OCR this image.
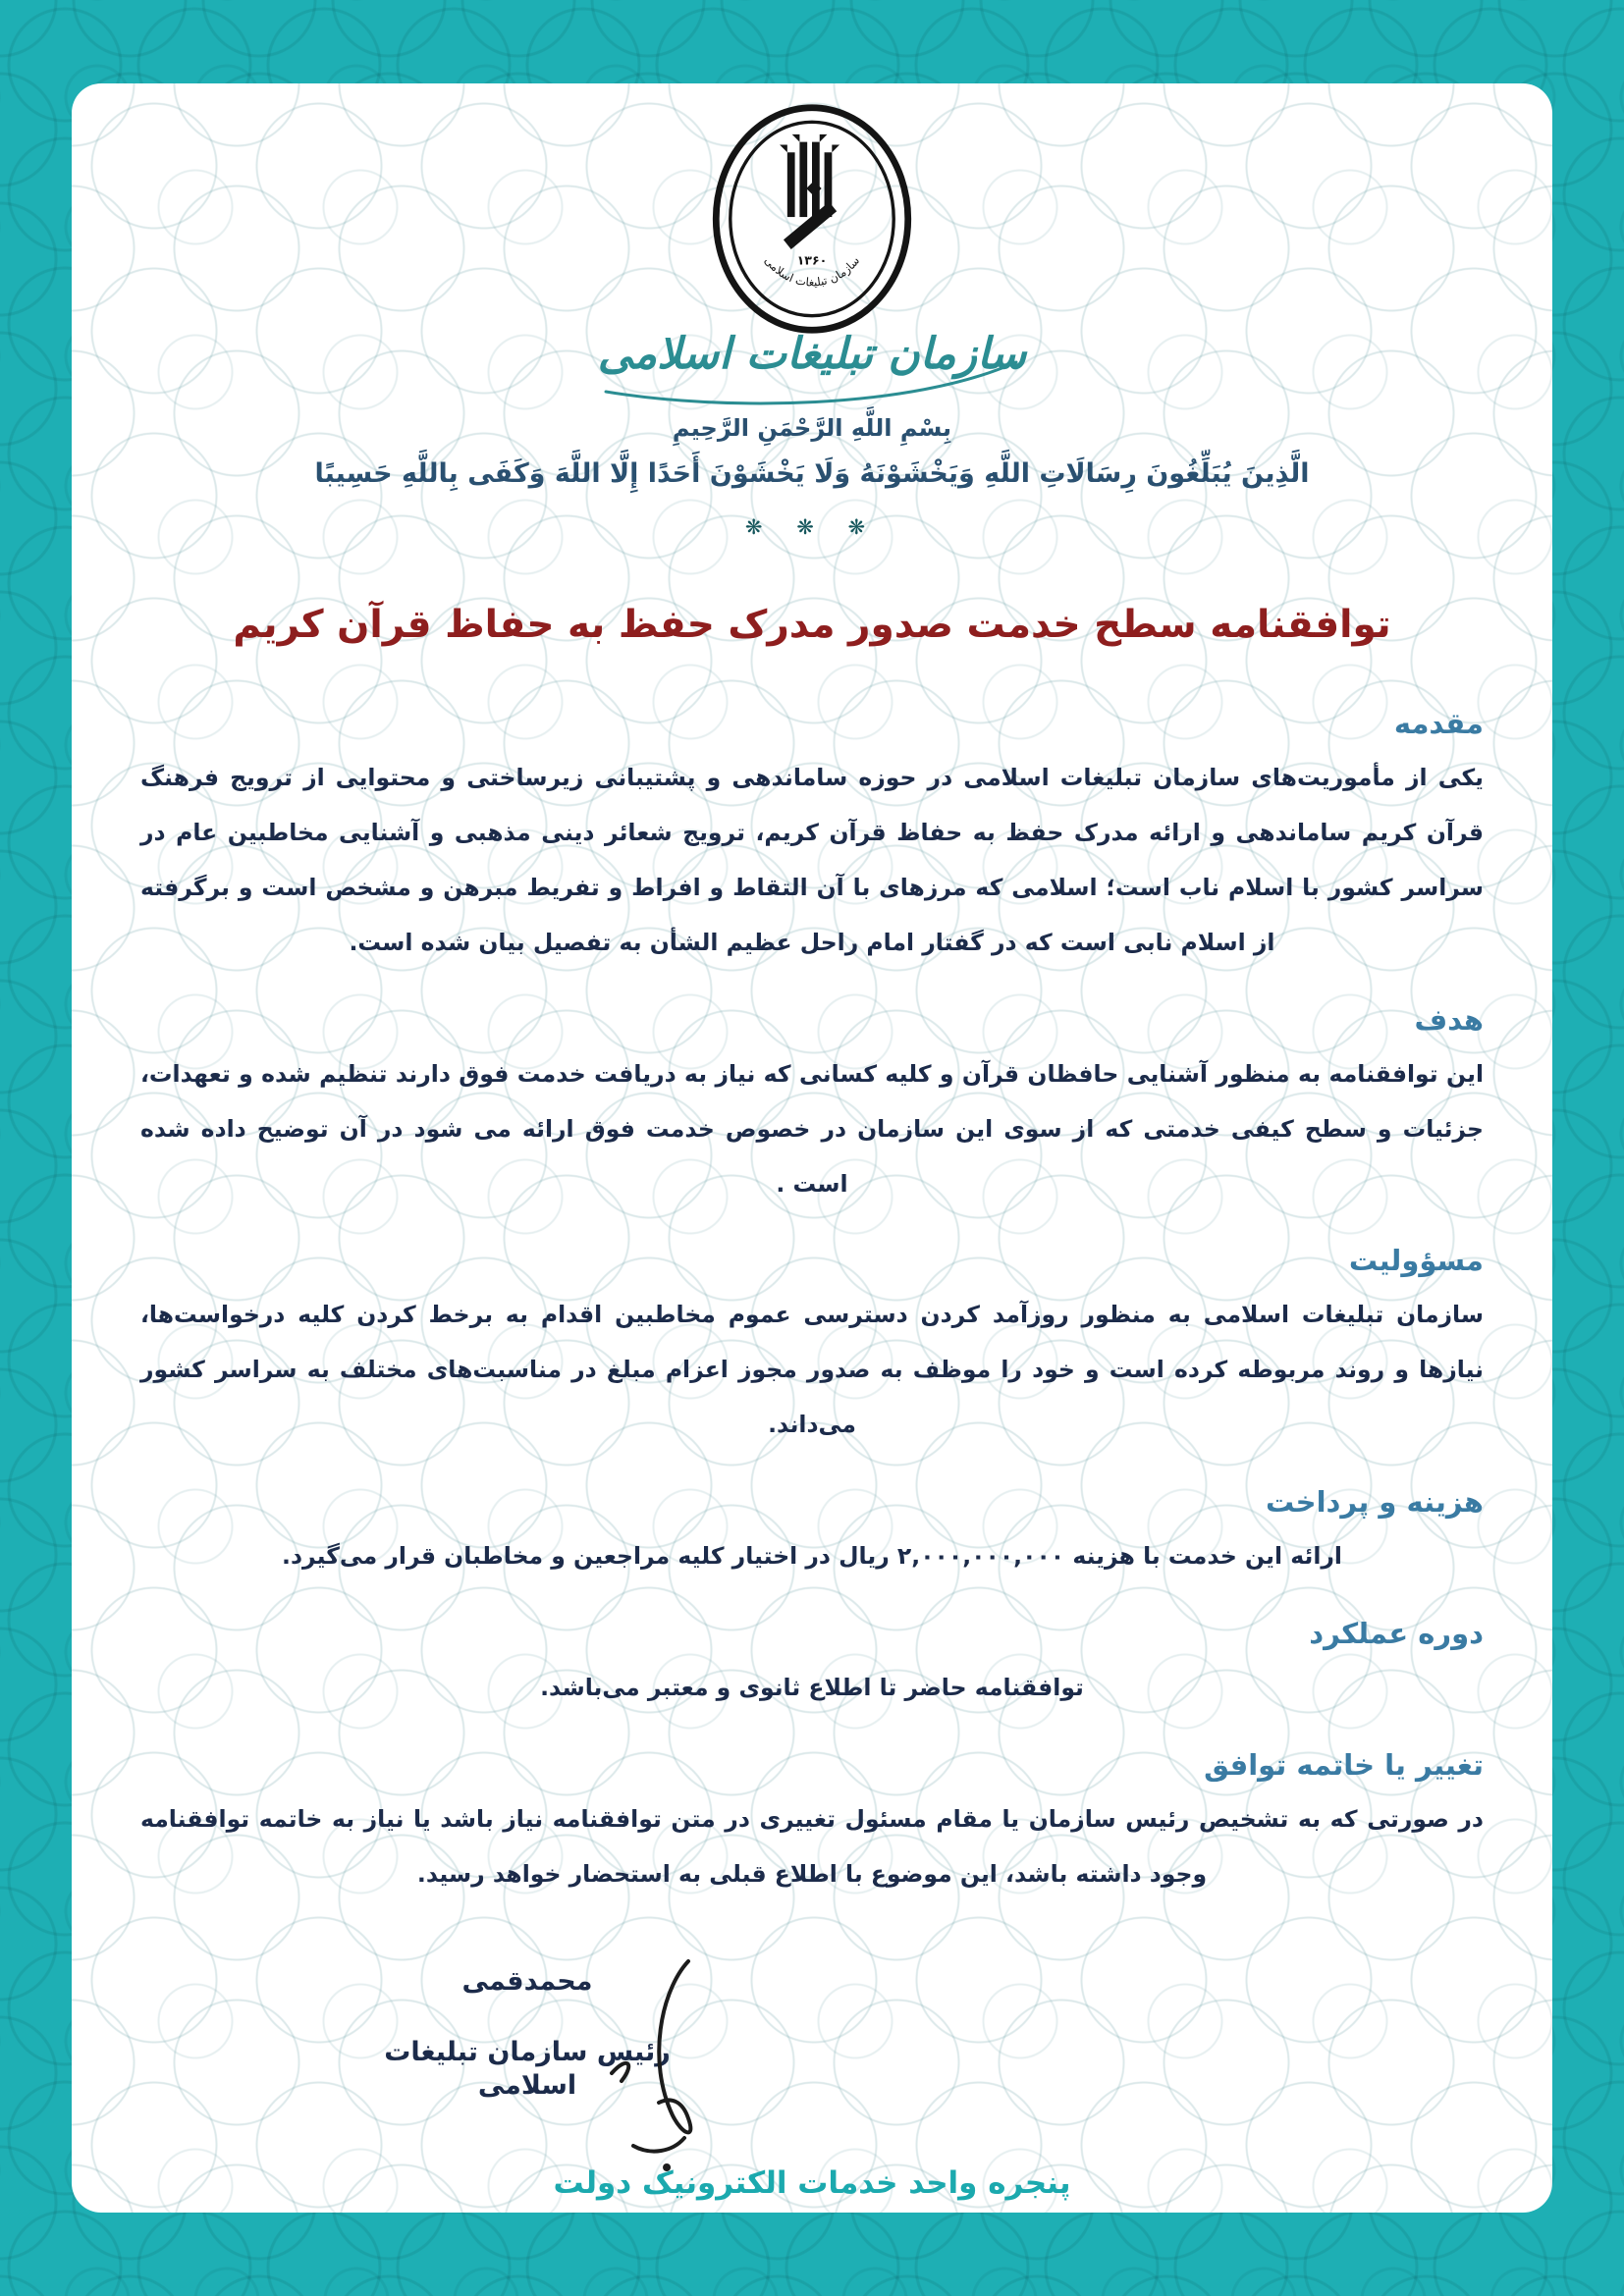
۱۳۶۰
سازمان تبلیغات اسلامی
سازمان تبلیغات اسلامی
بِسْمِ اللَّهِ الرَّحْمَنِ الرَّحِيمِ
الَّذِينَ يُبَلِّغُونَ رِسَالَاتِ اللَّهِ وَيَخْشَوْنَهُ وَلَا يَخْشَوْنَ أَحَدًا إِلَّا اللَّهَ وَكَفَى بِاللَّهِ حَسِيبًا
❋ ❋ ❋
توافقنامه سطح خدمت صدور مدرک حفظ به حفاظ قرآن کریم
مقدمه

یکی از مأموریت‌های سازمان تبلیغات اسلامی در حوزه ساماندهی و پشتیبانی زیرساختی و محتوایی از ترویج فرهنگ قرآن کریم ساماندهی و ارائه مدرک حفظ به حفاظ قرآن کریم، ترویج شعائر دینی مذهبی و آشنایی مخاطبین عام در سراسر کشور با اسلام ناب است؛ اسلامی که مرزهای با آن التقاط و افراط و تفریط مبرهن و مشخص است و برگرفته از اسلام نابی است که در گفتار امام راحل عظیم الشأن به تفصیل بیان شده است.

هدف

این توافقنامه به منظور آشنایی حافظان قرآن و کلیه کسانی که نیاز به دریافت خدمت فوق دارند تنظیم شده و تعهدات، جزئیات و سطح کیفی خدمتی که از سوی این سازمان در خصوص خدمت فوق ارائه می شود در آن توضیح داده شده است .

مسؤولیت

سازمان تبلیغات اسلامی به منظور روزآمد کردن دسترسی عموم مخاطبین اقدام به برخط کردن کلیه درخواست‌ها، نیازها و روند مربوطه کرده است و خود را موظف به صدور مجوز اعزام مبلغ در مناسبت‌های مختلف به سراسر کشور می‌داند.

هزینه و پرداخت

ارائه این خدمت با هزینه ۲,۰۰۰,۰۰۰,۰۰۰ ریال در اختیار کلیه مراجعین و مخاطبان قرار می‌گیرد.

دوره عملکرد

توافقنامه حاضر تا اطلاع ثانوی و معتبر می‌باشد.

تغییر یا خاتمه توافق

در صورتی که به تشخیص رئیس سازمان یا مقام مسئول تغییری در متن توافقنامه نیاز باشد یا نیاز به خاتمه توافقنامه وجود داشته باشد، این موضوع با اطلاع قبلی به استحضار خواهد رسید.

محمدقمی
رئیس سازمان تبلیغات اسلامی
پنجره واحد خدمات الکترونیک دولت
